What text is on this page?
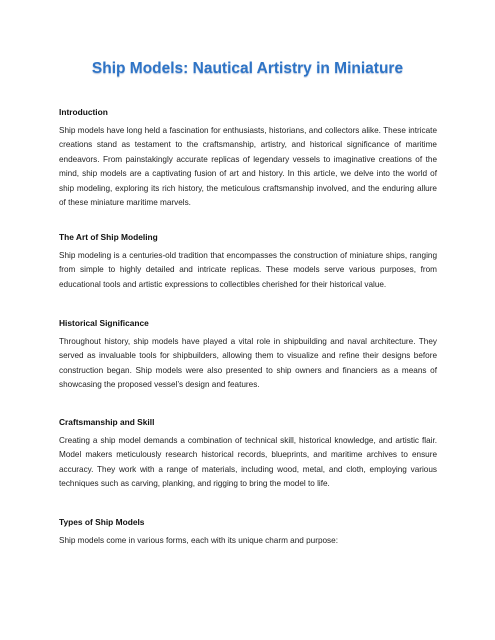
Ship Models: Nautical Artistry in Miniature
Introduction

Ship models have long held a fascination for enthusiasts, historians, and collectors alike. These intricate creations stand as testament to the craftsmanship, artistry, and historical significance of maritime endeavors. From painstakingly accurate replicas of legendary vessels to imaginative creations of the mind, ship models are a captivating fusion of art and history. In this article, we delve into the world of ship modeling, exploring its rich history, the meticulous craftsmanship involved, and the enduring allure of these miniature maritime marvels.

The Art of Ship Modeling

Ship modeling is a centuries-old tradition that encompasses the construction of miniature ships, ranging from simple to highly detailed and intricate replicas. These models serve various purposes, from educational tools and artistic expressions to collectibles cherished for their historical value.

Historical Significance

Throughout history, ship models have played a vital role in shipbuilding and naval architecture. They served as invaluable tools for shipbuilders, allowing them to visualize and refine their designs before construction began. Ship models were also presented to ship owners and financiers as a means of showcasing the proposed vessel’s design and features.

Craftsmanship and Skill

Creating a ship model demands a combination of technical skill, historical knowledge, and artistic flair. Model makers meticulously research historical records, blueprints, and maritime archives to ensure accuracy. They work with a range of materials, including wood, metal, and cloth, employing various techniques such as carving, planking, and rigging to bring the model to life.

Types of Ship Models

Ship models come in various forms, each with its unique charm and purpose:
